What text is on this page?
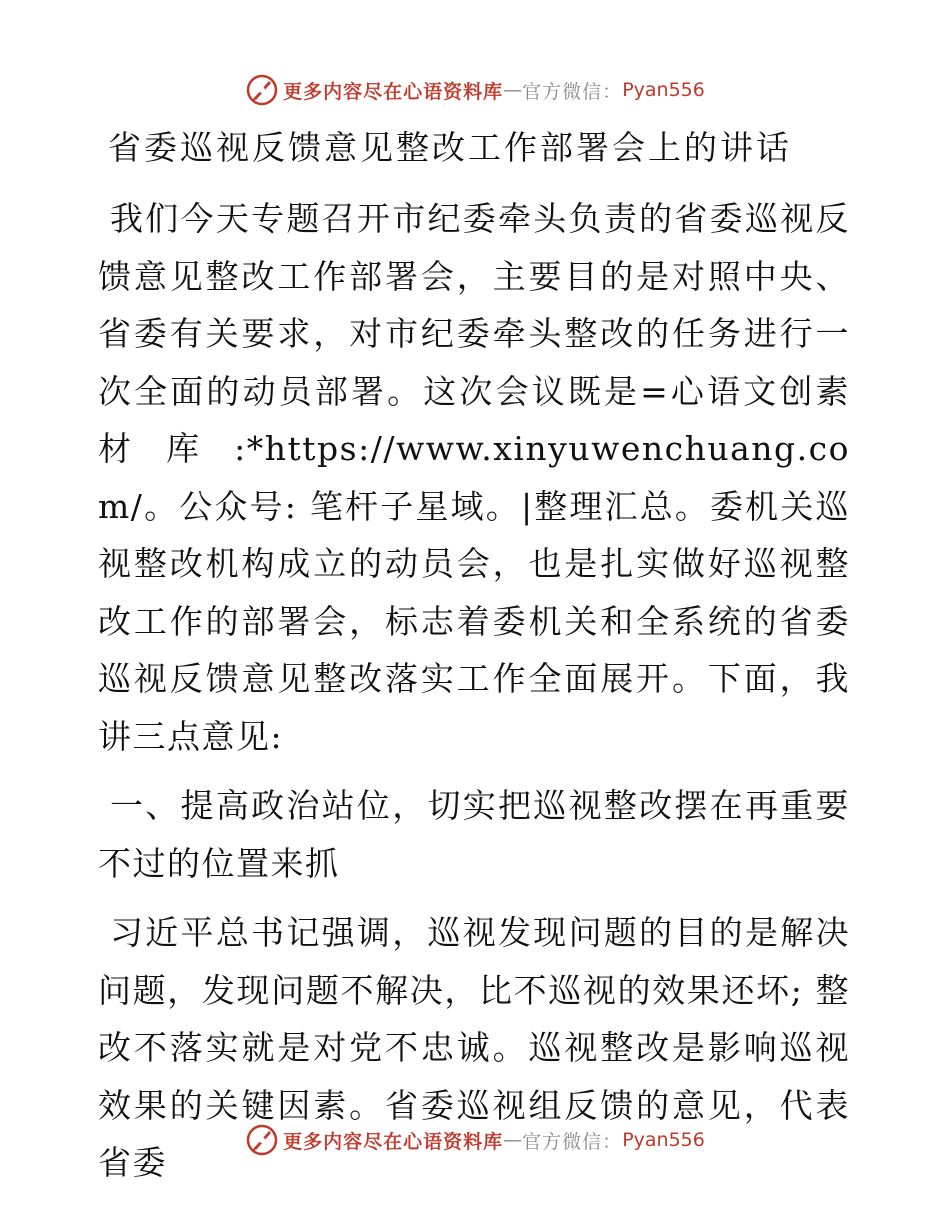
更多内容尽在心语资料库 — 官方微信： Pyan556
省委巡视反馈意见整改工作部署会上的讲话

我们今天专题召开市纪委牵头负责的省委巡视反馈意见整改工作部署会，主要目的是对照中央、省委有关要求，对市纪委牵头整改的任务进行一次全面的动员部署。这次会议既是=心语文创素材库:*https://www.xinyuwenchuang.com/。公众号: 笔杆子星域。|整理汇总。委机关巡视整改机构成立的动员会，也是扎实做好巡视整改工作的部署会，标志着委机关和全系统的省委巡视反馈意见整改落实工作全面展开。下面，我讲三点意见:

一、提高政治站位，切实把巡视整改摆在再重要不过的位置来抓

习近平总书记强调，巡视发现问题的目的是解决问题，发现问题不解决，比不巡视的效果还坏; 整改不落实就是对党不忠诚。巡视整改是影响巡视效果的关键因素。省委巡视组反馈的意见，代表省委

更多内容尽在心语资料库 — 官方微信： Pyan556
